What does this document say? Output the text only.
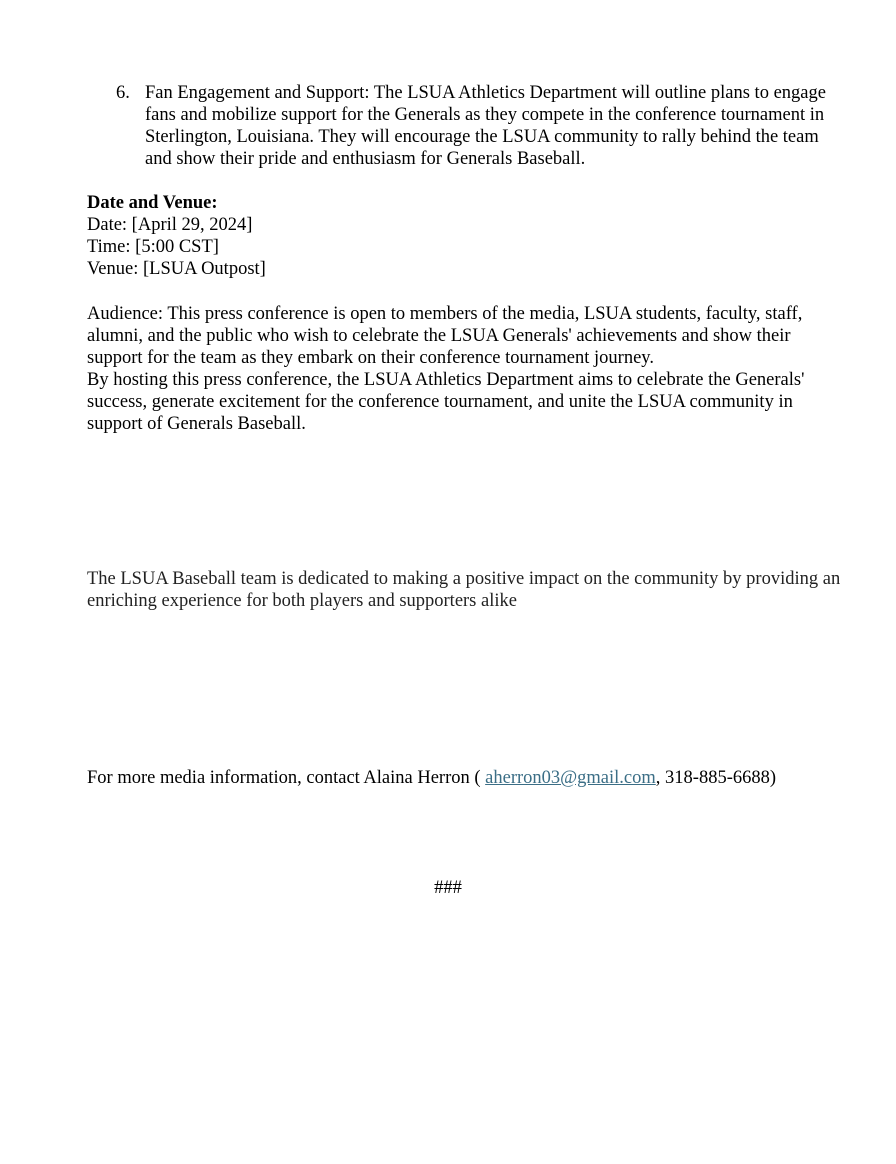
6. Fan Engagement and Support: The LSUA Athletics Department will outline plans to engage fans and mobilize support for the Generals as they compete in the conference tournament in Sterlington, Louisiana. They will encourage the LSUA community to rally behind the team and show their pride and enthusiasm for Generals Baseball.

Date and Venue:

Date: [April 29, 2024]

Time: [5:00 CST]

Venue: [LSUA Outpost]

Audience: This press conference is open to members of the media, LSUA students, faculty, staff, alumni, and the public who wish to celebrate the LSUA Generals' achievements and show their support for the team as they embark on their conference tournament journey.

By hosting this press conference, the LSUA Athletics Department aims to celebrate the Generals' success, generate excitement for the conference tournament, and unite the LSUA community in support of Generals Baseball.

The LSUA Baseball team is dedicated to making a positive impact on the community by providing an enriching experience for both players and supporters alike

For more media information, contact Alaina Herron ( aherron03@gmail.com, 318-885-6688)

###
